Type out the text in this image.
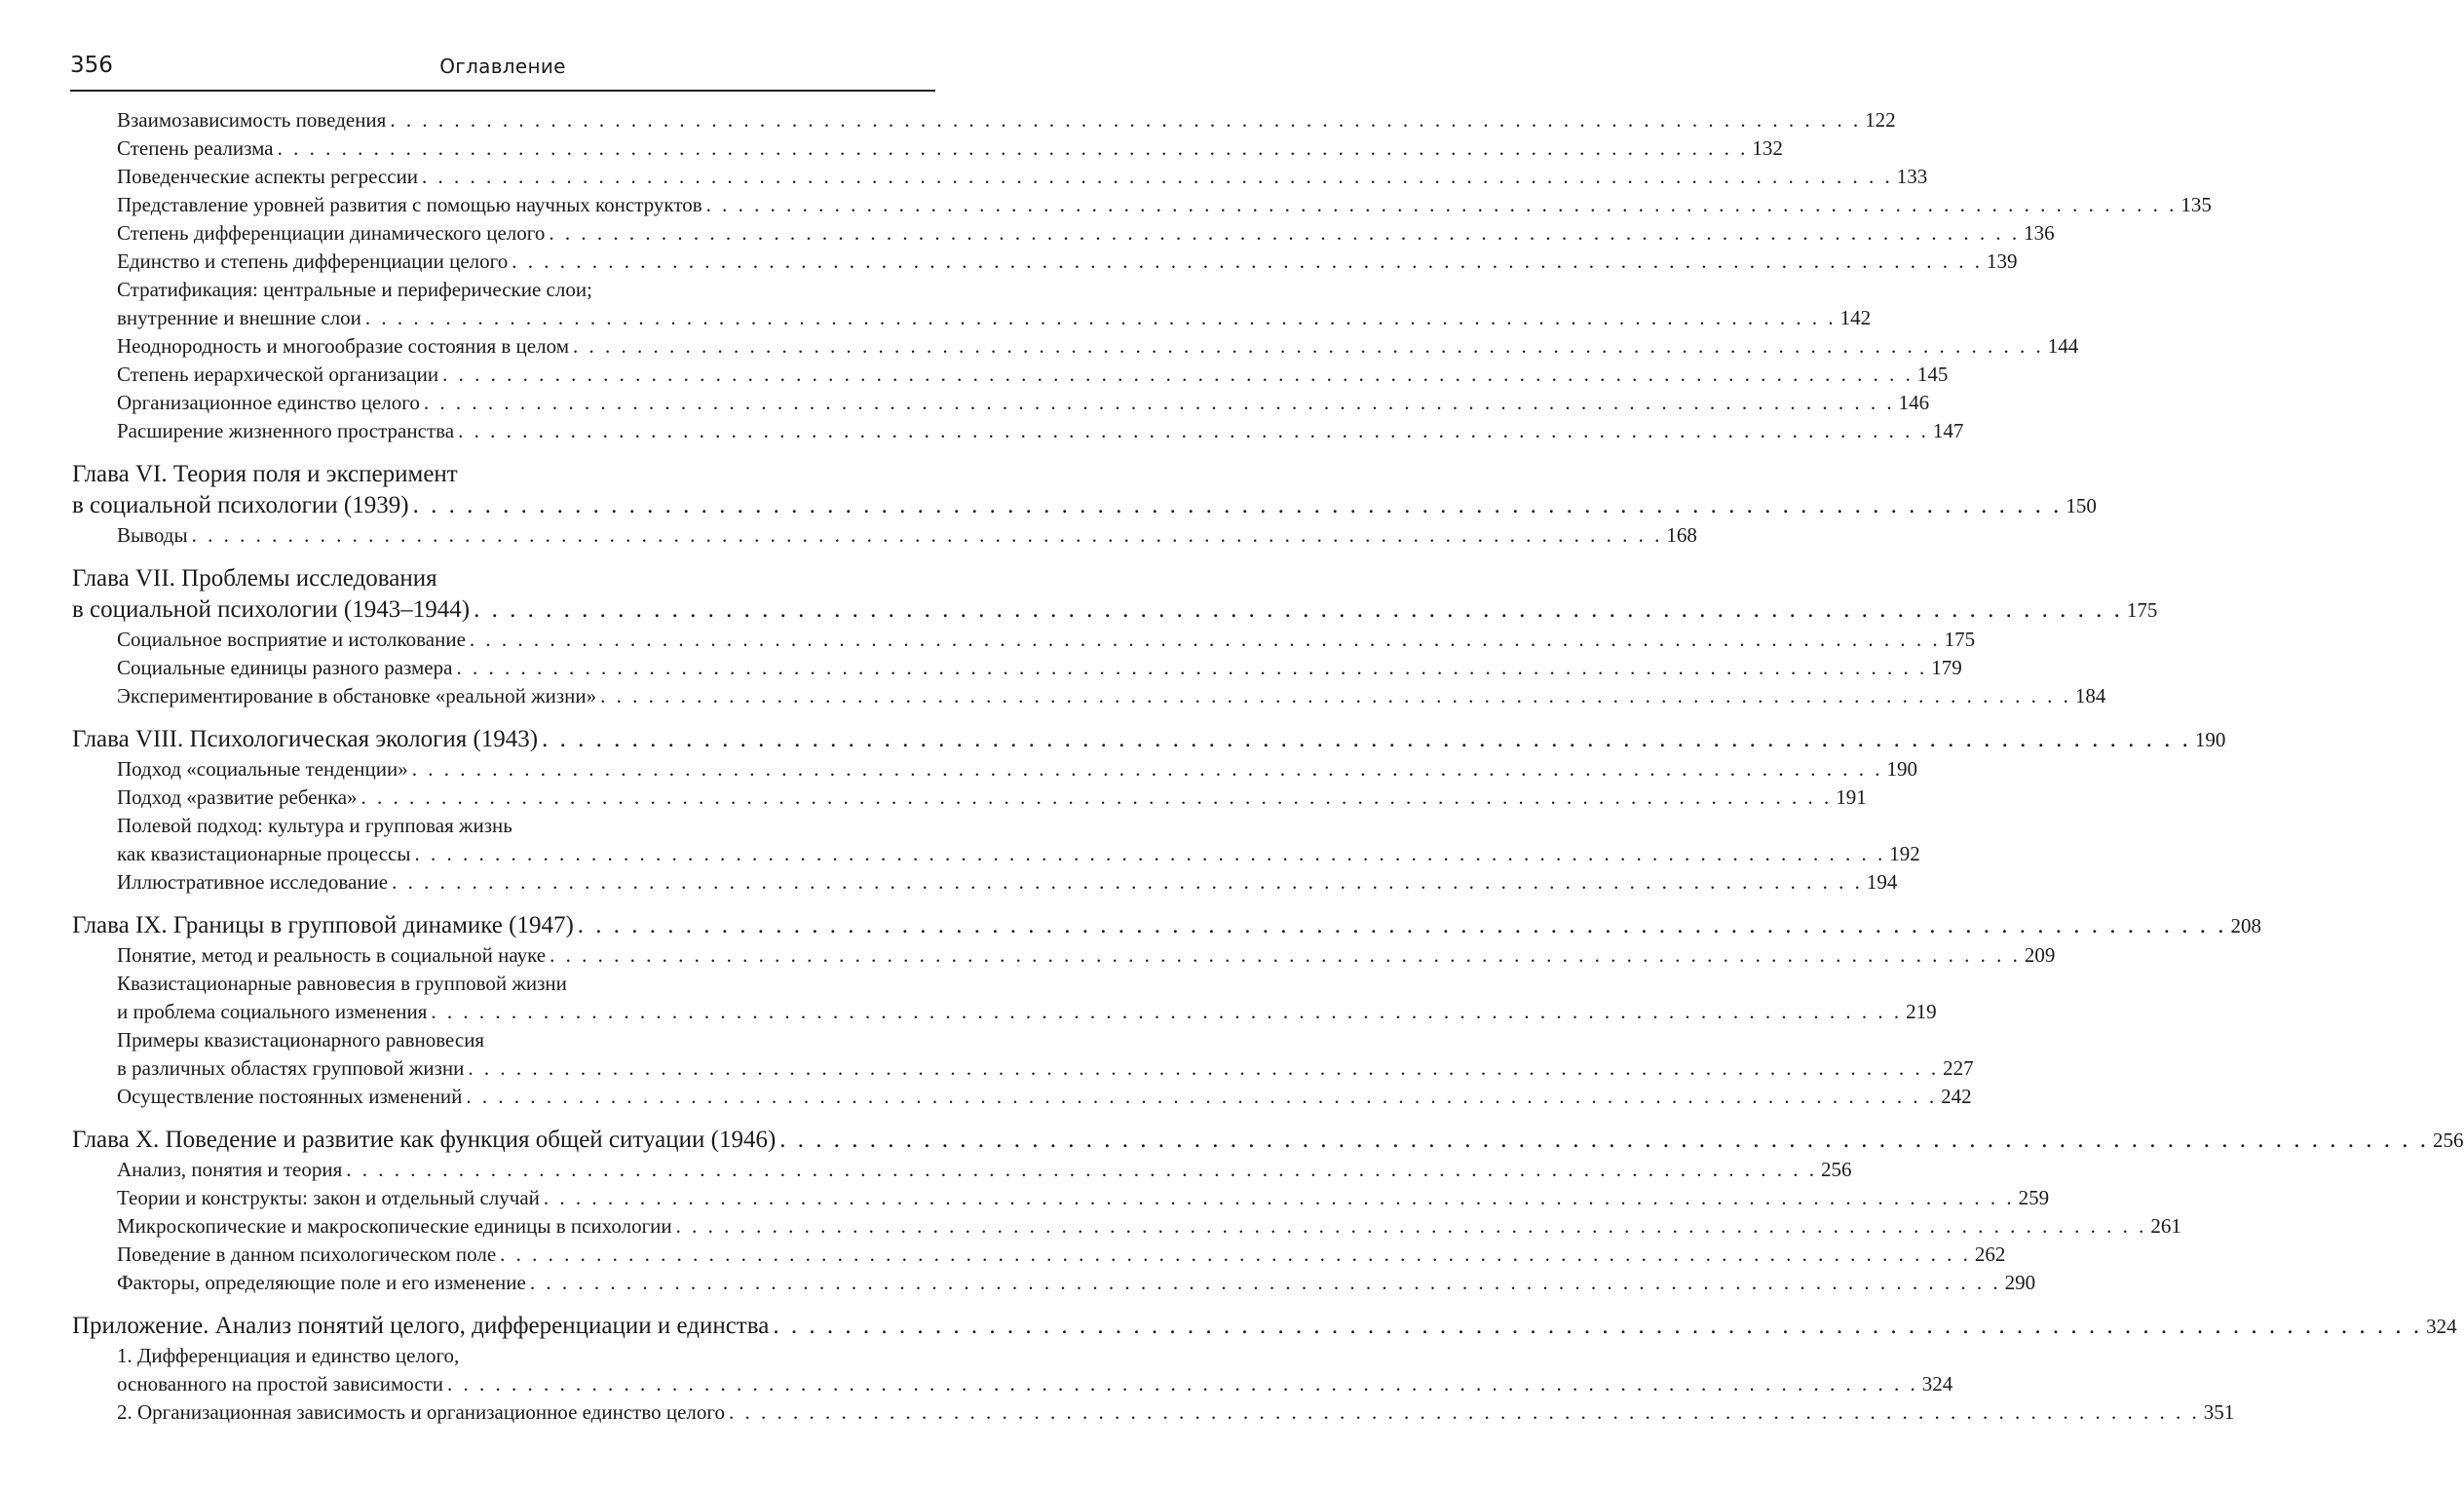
356	Оглавление
Взаимозависимость поведения . . . . . . . . . . . . . . . . . . . . . . . . . . . . . . . . . . . . . . . . . . . . . . . . . . . . . . . . . . . . . . . . . . . . . . . . . . . . . . . . . . . . . . . . . . . . 122
Степень реализма . . . . . . . . . . . . . . . . . . . . . . . . . . . . . . . . . . . . . . . . . . . . . . . . . . . . . . . . . . . . . . . . . . . . . . . . . . . . . . . . . . . . . . . . . . . . 132
Поведенческие аспекты регрессии . . . . . . . . . . . . . . . . . . . . . . . . . . . . . . . . . . . . . . . . . . . . . . . . . . . . . . . . . . . . . . . . . . . . . . . . . . . . . . . . . . . . . . . . . . . . 133
Представление уровней развития с помощью научных конструктов . . . . . . . . . . . . . . . . . . . . . . . . . . . . . . . . . . . . . . . . . . . . . . . . . . . . . . . . . . . . . . . . . . . . . . . . . . . . . . . . . . . . . . . . . . . . 135
Степень дифференциации динамического целого . . . . . . . . . . . . . . . . . . . . . . . . . . . . . . . . . . . . . . . . . . . . . . . . . . . . . . . . . . . . . . . . . . . . . . . . . . . . . . . . . . . . . . . . . . . . 136
Единство и степень дифференциации целого . . . . . . . . . . . . . . . . . . . . . . . . . . . . . . . . . . . . . . . . . . . . . . . . . . . . . . . . . . . . . . . . . . . . . . . . . . . . . . . . . . . . . . . . . . . . 139
Стратификация: центральные и периферические слои;
внутренние и внешние слои . . . . . . . . . . . . . . . . . . . . . . . . . . . . . . . . . . . . . . . . . . . . . . . . . . . . . . . . . . . . . . . . . . . . . . . . . . . . . . . . . . . . . . . . . . . . 142
Неоднородность и многообразие состояния в целом . . . . . . . . . . . . . . . . . . . . . . . . . . . . . . . . . . . . . . . . . . . . . . . . . . . . . . . . . . . . . . . . . . . . . . . . . . . . . . . . . . . . . . . . . . . . 144
Степень иерархической организации . . . . . . . . . . . . . . . . . . . . . . . . . . . . . . . . . . . . . . . . . . . . . . . . . . . . . . . . . . . . . . . . . . . . . . . . . . . . . . . . . . . . . . . . . . . . 145
Организационное единство целого . . . . . . . . . . . . . . . . . . . . . . . . . . . . . . . . . . . . . . . . . . . . . . . . . . . . . . . . . . . . . . . . . . . . . . . . . . . . . . . . . . . . . . . . . . . . 146
Расширение жизненного пространства . . . . . . . . . . . . . . . . . . . . . . . . . . . . . . . . . . . . . . . . . . . . . . . . . . . . . . . . . . . . . . . . . . . . . . . . . . . . . . . . . . . . . . . . . . . . 147
Глава VI. Теория поля и эксперимент
в социальной психологии (1939) . . . . . . . . . . . . . . . . . . . . . . . . . . . . . . . . . . . . . . . . . . . . . . . . . . . . . . . . . . . . . . . . . . . . . . . . . . . . . . . . . . . . . . . . . . . . 150
Выводы . . . . . . . . . . . . . . . . . . . . . . . . . . . . . . . . . . . . . . . . . . . . . . . . . . . . . . . . . . . . . . . . . . . . . . . . . . . . . . . . . . . . . . . . . . . . 168
Глава VII. Проблемы исследования
в социальной психологии (1943–1944) . . . . . . . . . . . . . . . . . . . . . . . . . . . . . . . . . . . . . . . . . . . . . . . . . . . . . . . . . . . . . . . . . . . . . . . . . . . . . . . . . . . . . . . . . . . . 175
Социальное восприятие и истолкование . . . . . . . . . . . . . . . . . . . . . . . . . . . . . . . . . . . . . . . . . . . . . . . . . . . . . . . . . . . . . . . . . . . . . . . . . . . . . . . . . . . . . . . . . . . . 175
Социальные единицы разного размера . . . . . . . . . . . . . . . . . . . . . . . . . . . . . . . . . . . . . . . . . . . . . . . . . . . . . . . . . . . . . . . . . . . . . . . . . . . . . . . . . . . . . . . . . . . . 179
Экспериментирование в обстановке «реальной жизни» . . . . . . . . . . . . . . . . . . . . . . . . . . . . . . . . . . . . . . . . . . . . . . . . . . . . . . . . . . . . . . . . . . . . . . . . . . . . . . . . . . . . . . . . . . . . 184
Глава VIII. Психологическая экология (1943) . . . . . . . . . . . . . . . . . . . . . . . . . . . . . . . . . . . . . . . . . . . . . . . . . . . . . . . . . . . . . . . . . . . . . . . . . . . . . . . . . . . . . . . . . . . . 190
Подход «социальные тенденции» . . . . . . . . . . . . . . . . . . . . . . . . . . . . . . . . . . . . . . . . . . . . . . . . . . . . . . . . . . . . . . . . . . . . . . . . . . . . . . . . . . . . . . . . . . . . 190
Подход «развитие ребенка» . . . . . . . . . . . . . . . . . . . . . . . . . . . . . . . . . . . . . . . . . . . . . . . . . . . . . . . . . . . . . . . . . . . . . . . . . . . . . . . . . . . . . . . . . . . . 191
Полевой подход: культура и групповая жизнь
как квазистационарные процессы . . . . . . . . . . . . . . . . . . . . . . . . . . . . . . . . . . . . . . . . . . . . . . . . . . . . . . . . . . . . . . . . . . . . . . . . . . . . . . . . . . . . . . . . . . . . 192
Иллюстративное исследование . . . . . . . . . . . . . . . . . . . . . . . . . . . . . . . . . . . . . . . . . . . . . . . . . . . . . . . . . . . . . . . . . . . . . . . . . . . . . . . . . . . . . . . . . . . . 194
Глава IX. Границы в групповой динамике (1947) . . . . . . . . . . . . . . . . . . . . . . . . . . . . . . . . . . . . . . . . . . . . . . . . . . . . . . . . . . . . . . . . . . . . . . . . . . . . . . . . . . . . . . . . . . . . 208
Понятие, метод и реальность в социальной науке . . . . . . . . . . . . . . . . . . . . . . . . . . . . . . . . . . . . . . . . . . . . . . . . . . . . . . . . . . . . . . . . . . . . . . . . . . . . . . . . . . . . . . . . . . . . 209
Квазистационарные равновесия в групповой жизни
и проблема социального изменения . . . . . . . . . . . . . . . . . . . . . . . . . . . . . . . . . . . . . . . . . . . . . . . . . . . . . . . . . . . . . . . . . . . . . . . . . . . . . . . . . . . . . . . . . . . . 219
Примеры квазистационарного равновесия
в различных областях групповой жизни . . . . . . . . . . . . . . . . . . . . . . . . . . . . . . . . . . . . . . . . . . . . . . . . . . . . . . . . . . . . . . . . . . . . . . . . . . . . . . . . . . . . . . . . . . . . 227
Осуществление постоянных изменений . . . . . . . . . . . . . . . . . . . . . . . . . . . . . . . . . . . . . . . . . . . . . . . . . . . . . . . . . . . . . . . . . . . . . . . . . . . . . . . . . . . . . . . . . . . . 242
Глава X. Поведение и развитие как функция общей ситуации (1946) . . . . . . . . . . . . . . . . . . . . . . . . . . . . . . . . . . . . . . . . . . . . . . . . . . . . . . . . . . . . . . . . . . . . . . . . . . . . . . . . . . . . . . . . . . . . 256
Анализ, понятия и теория . . . . . . . . . . . . . . . . . . . . . . . . . . . . . . . . . . . . . . . . . . . . . . . . . . . . . . . . . . . . . . . . . . . . . . . . . . . . . . . . . . . . . . . . . . . . 256
Теории и конструкты: закон и отдельный случай . . . . . . . . . . . . . . . . . . . . . . . . . . . . . . . . . . . . . . . . . . . . . . . . . . . . . . . . . . . . . . . . . . . . . . . . . . . . . . . . . . . . . . . . . . . . 259
Микроскопические и макроскопические единицы в психологии . . . . . . . . . . . . . . . . . . . . . . . . . . . . . . . . . . . . . . . . . . . . . . . . . . . . . . . . . . . . . . . . . . . . . . . . . . . . . . . . . . . . . . . . . . . . 261
Поведение в данном психологическом поле . . . . . . . . . . . . . . . . . . . . . . . . . . . . . . . . . . . . . . . . . . . . . . . . . . . . . . . . . . . . . . . . . . . . . . . . . . . . . . . . . . . . . . . . . . . . 262
Факторы, определяющие поле и его изменение . . . . . . . . . . . . . . . . . . . . . . . . . . . . . . . . . . . . . . . . . . . . . . . . . . . . . . . . . . . . . . . . . . . . . . . . . . . . . . . . . . . . . . . . . . . . 290
Приложение. Анализ понятий целого, дифференциации и единства . . . . . . . . . . . . . . . . . . . . . . . . . . . . . . . . . . . . . . . . . . . . . . . . . . . . . . . . . . . . . . . . . . . . . . . . . . . . . . . . . . . . . . . . . . . . 324
1. Дифференциация и единство целого,
основанного на простой зависимости . . . . . . . . . . . . . . . . . . . . . . . . . . . . . . . . . . . . . . . . . . . . . . . . . . . . . . . . . . . . . . . . . . . . . . . . . . . . . . . . . . . . . . . . . . . . 324
2. Организационная зависимость и организационное единство целого . . . . . . . . . . . . . . . . . . . . . . . . . . . . . . . . . . . . . . . . . . . . . . . . . . . . . . . . . . . . . . . . . . . . . . . . . . . . . . . . . . . . . . . . . . . . 351
